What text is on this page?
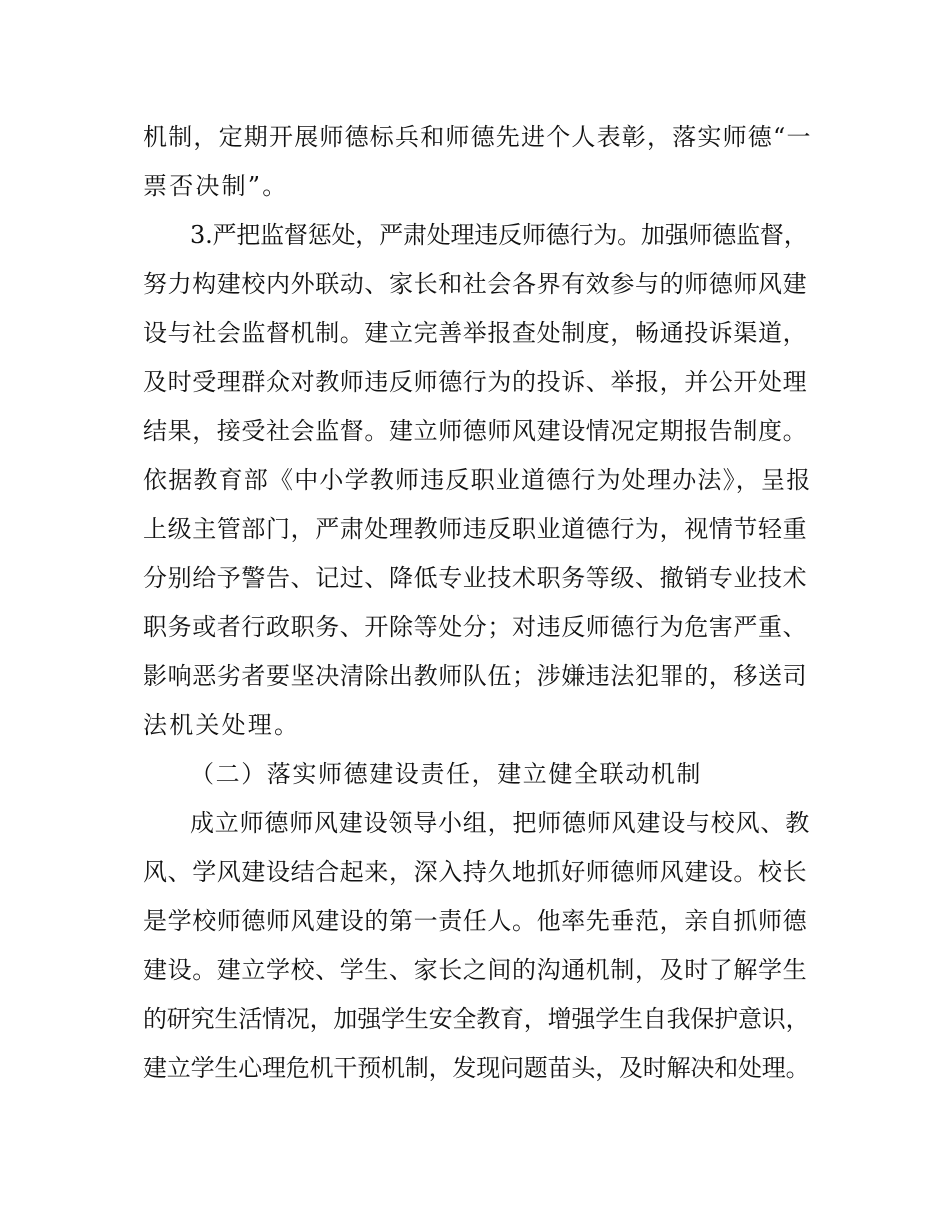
机制，定期开展师德标兵和师德先进个人表彰，落实师德“一
票否决制”。
3.严把监督惩处，严肃处理违反师德行为。加强师德监督，
努力构建校内外联动、家长和社会各界有效参与的师德师风建
设与社会监督机制。建立完善举报查处制度，畅通投诉渠道，
及时受理群众对教师违反师德行为的投诉、举报，并公开处理
结果，接受社会监督。建立师德师风建设情况定期报告制度。
依据教育部《中小学教师违反职业道德行为处理办法》，呈报
上级主管部门，严肃处理教师违反职业道德行为，视情节轻重
分别给予警告、记过、降低专业技术职务等级、撤销专业技术
职务或者行政职务、开除等处分；对违反师德行为危害严重、
影响恶劣者要坚决清除出教师队伍；涉嫌违法犯罪的，移送司
法机关处理。
（二）落实师德建设责任，建立健全联动机制
成立师德师风建设领导小组，把师德师风建设与校风、教
风、学风建设结合起来，深入持久地抓好师德师风建设。校长
是学校师德师风建设的第一责任人。他率先垂范，亲自抓师德
建设。建立学校、学生、家长之间的沟通机制，及时了解学生
的研究生活情况，加强学生安全教育，增强学生自我保护意识，
建立学生心理危机干预机制，发现问题苗头，及时解决和处理。
